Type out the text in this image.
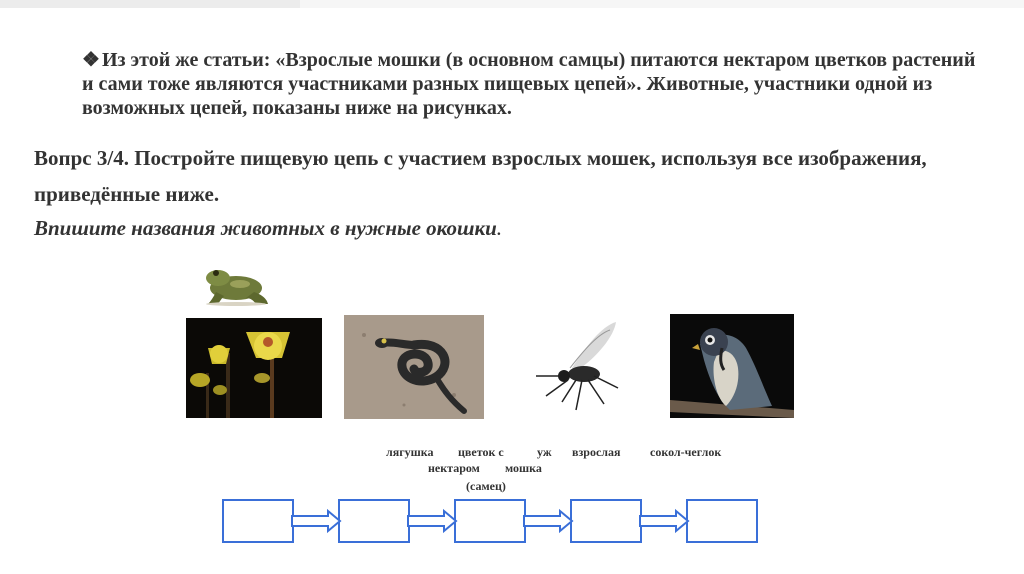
❖ Из этой же статьи: «Взрослые мошки (в основном самцы) питаются нектаром цветков растений и сами тоже являются участниками разных пищевых цепей». Животные, участники одной из возможных цепей, показаны ниже на рисунках.
Вопрс 3/4. Постройте пищевую цепь с участием взрослых мошек, используя все изображения, приведённые ниже.
Впишите названия животных в нужные окошки.
лягушка цветок с
нектаром
уж взрослая
мошка
(самец)
сокол-чеглок
